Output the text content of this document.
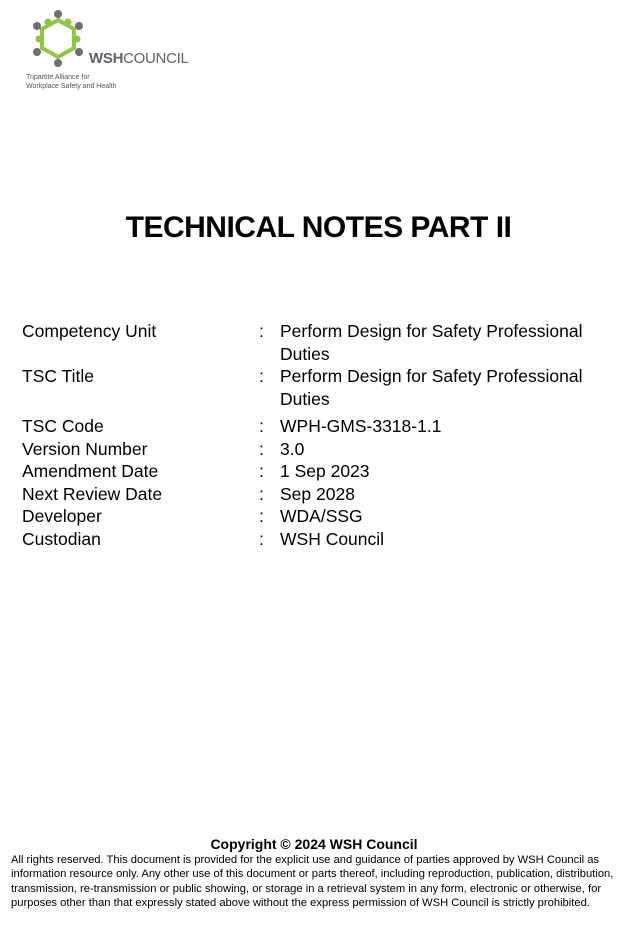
WSHCOUNCIL
Tripartite Alliance for
Workplace Safety and Health
TECHNICAL NOTES PART II
Competency Unit	: Perform Design for Safety Professional Duties
TSC Title	: Perform Design for Safety Professional Duties
TSC Code	: WPH-GMS-3318-1.1
Version Number	: 3.0
Amendment Date	: 1 Sep 2023
Next Review Date	: Sep 2028
Developer	: WDA/SSG
Custodian	: WSH Council
Copyright © 2024 WSH Council
All rights reserved. This document is provided for the explicit use and guidance of parties approved by WSH Council as information resource only. Any other use of this document or parts thereof, including reproduction, publication, distribution, transmission, re-transmission or public showing, or storage in a retrieval system in any form, electronic or otherwise, for purposes other than that expressly stated above without the express permission of WSH Council is strictly prohibited.
